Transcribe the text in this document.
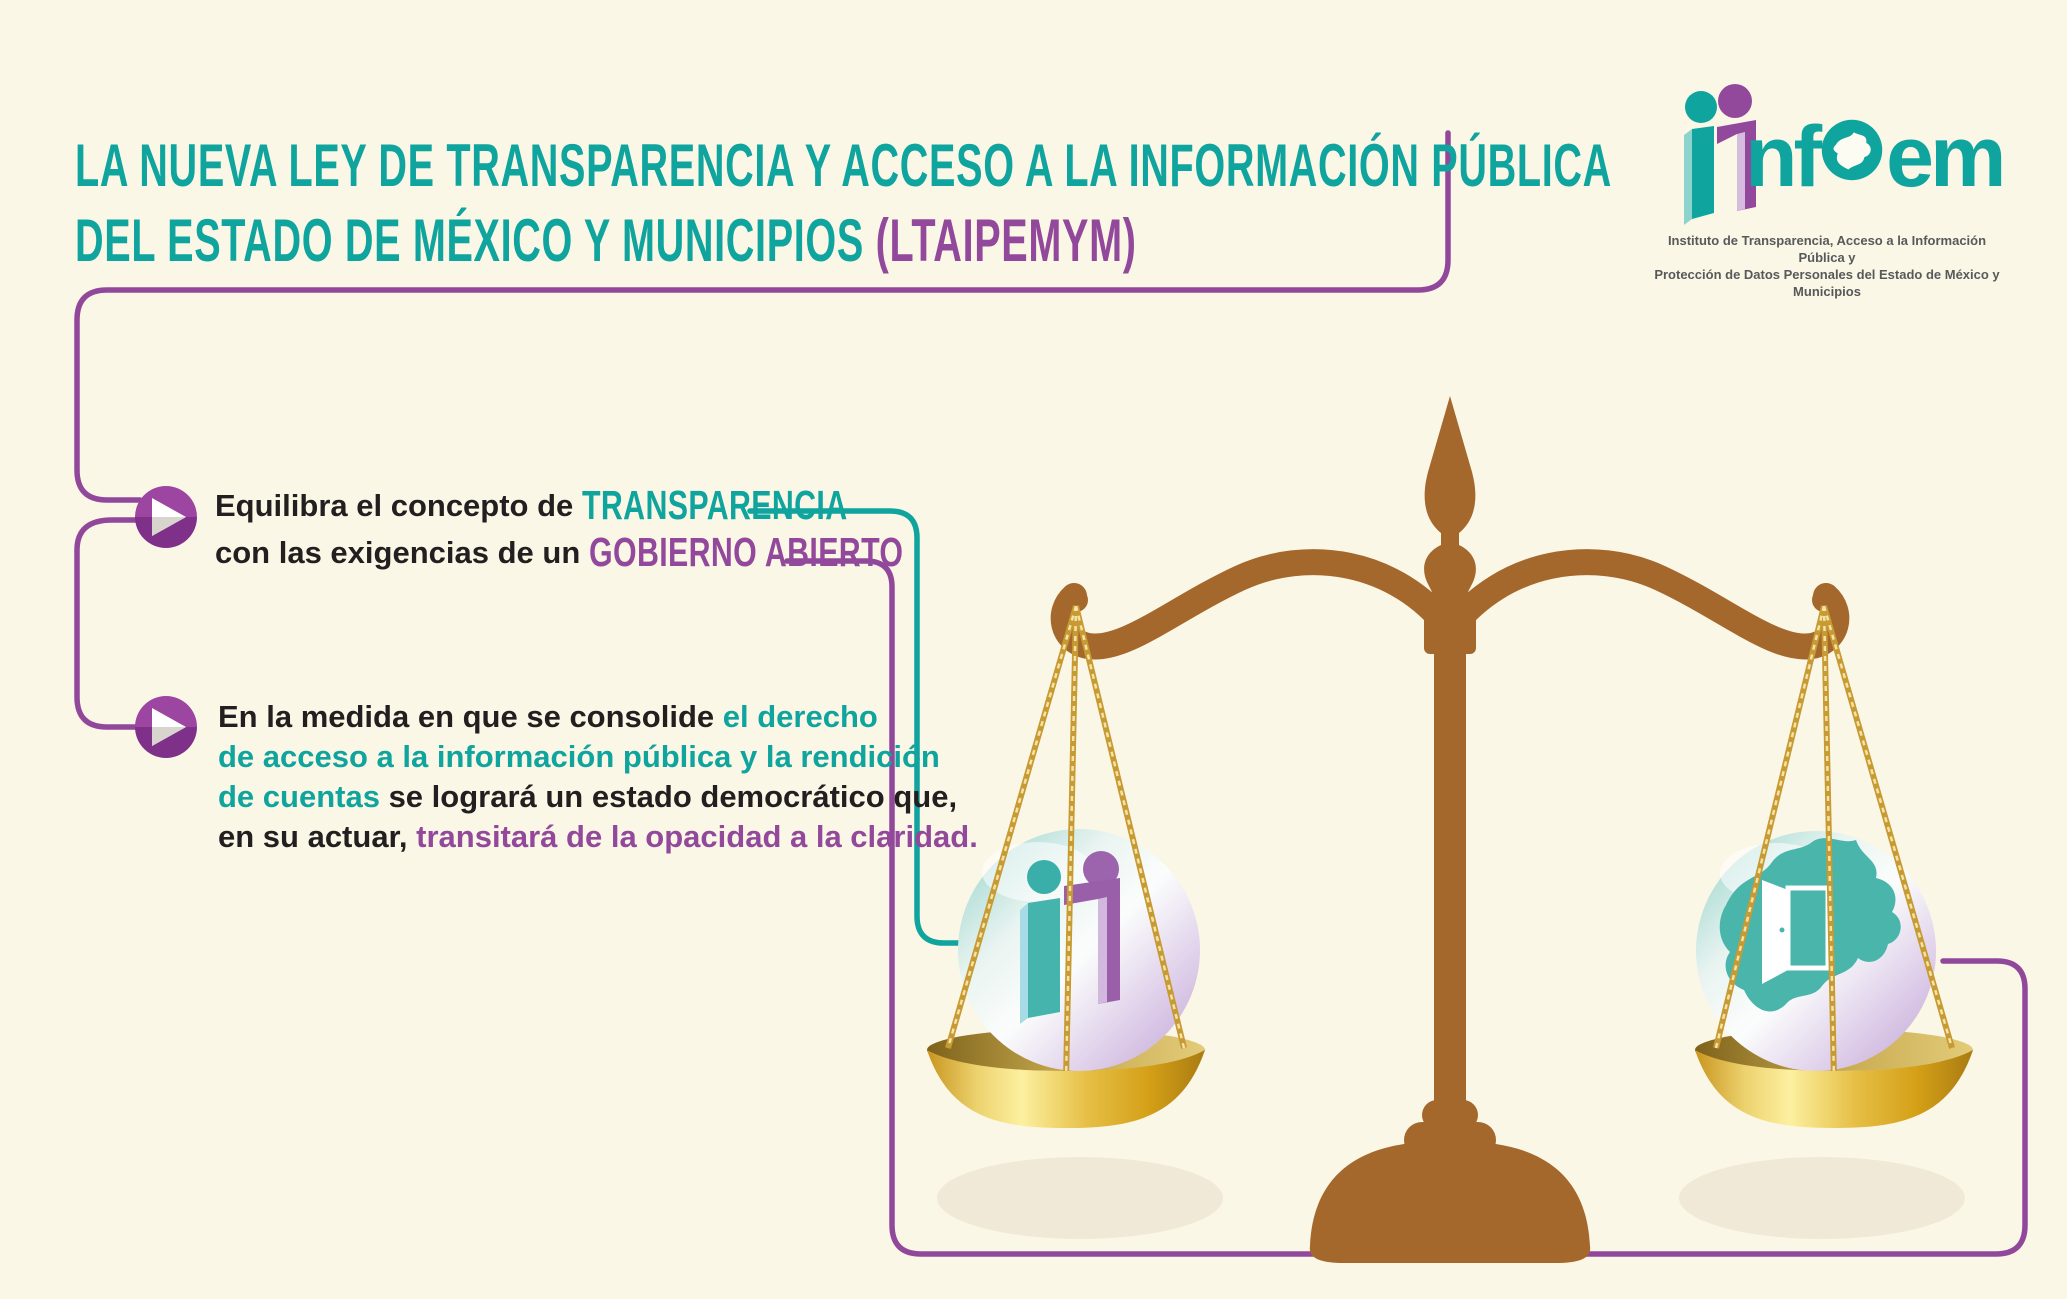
LA NUEVA LEY DE TRANSPARENCIA Y ACCESO A LA INFORMACIÓN PÚBLICA
DEL ESTADO DE MÉXICO Y MUNICIPIOS (LTAIPEMYM)
nf em
Instituto de Transparencia, Acceso a la Información Pública y
Protección de Datos Personales del Estado de México y Municipios
Equilibra el concepto de TRANSPARENCIA
con las exigencias de un GOBIERNO ABIERTO
En la medida en que se consolide el derecho
de acceso a la información pública y la rendición
de cuentas se logrará un estado democrático que,
en su actuar, transitará de la opacidad a la claridad.
